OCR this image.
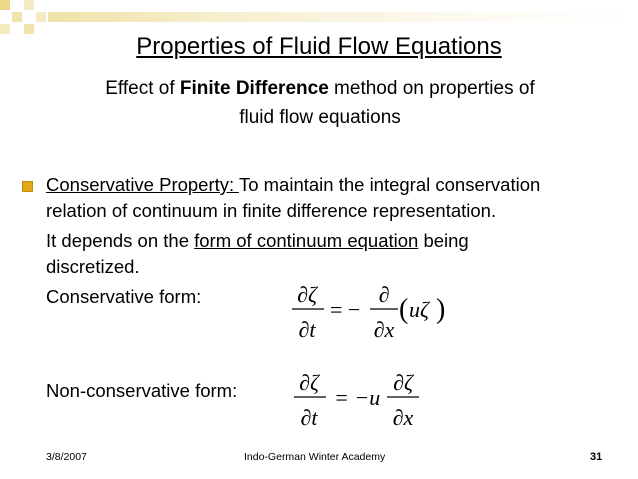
Properties of Fluid Flow Equations
Effect of Finite Difference method on properties of
fluid flow equations
Conservative Property: To maintain the integral conservation
relation of continuum in finite difference representation.
It depends on the form of continuum equation being
discretized.
Conservative form:
Non-conservative form:
∂ζ
∂t
= −
∂
∂x
( uζ )
∂ζ
∂t
= −u
∂ζ
∂x
3/8/2007	Indo-German Winter Academy	31
